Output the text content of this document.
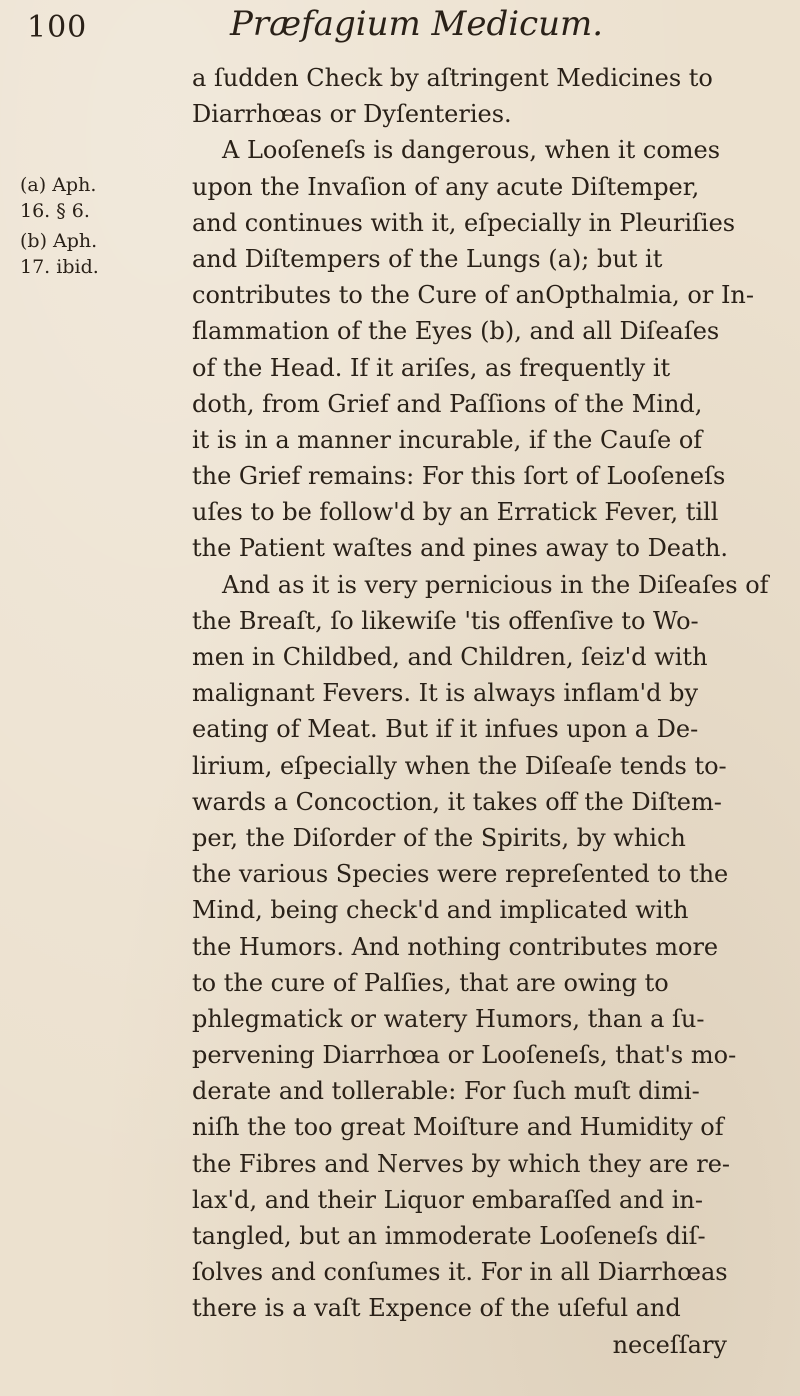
100	Præfagium Medicum.
(a) Aph.
16. § 6.
(b) Aph.
17. ibid.
a ſudden Check by aſtringent Medicines to
Diarrhœas or Dyſenteries.
A Looſeneſs is dangerous, when it comes
upon the Invaſion of any acute Diſtemper,
and continues with it, eſpecially in Pleuriſies
and Diſtempers of the Lungs (a); but it
contributes to the Cure of anOpthalmia, or In-
flammation of the Eyes (b), and all Diſeaſes
of the Head. If it ariſes, as frequently it
doth, from Grief and Paſſions of the Mind,
it is in a manner incurable, if the Cauſe of
the Grief remains: For this ſort of Looſeneſs
uſes to be follow'd by an Erratick Fever, till
the Patient waſtes and pines away to Death.
And as it is very pernicious in the Diſeaſes of
the Breaſt, ſo likewiſe 'tis offenſive to Wo-
men in Childbed, and Children, ſeiz'd with
malignant Fevers. It is always inflam'd by
eating of Meat. But if it infues upon a De-
lirium, eſpecially when the Diſeaſe tends to-
wards a Concoction, it takes off the Diſtem-
per, the Diſorder of the Spirits, by which
the various Species were repreſented to the
Mind, being check'd and implicated with
the Humors. And nothing contributes more
to the cure of Palſies, that are owing to
phlegmatick or watery Humors, than a ſu-
pervening Diarrhœa or Looſeneſs, that's mo-
derate and tollerable: For ſuch muſt dimi-
niſh the too great Moiſture and Humidity of
the Fibres and Nerves by which they are re-
lax'd, and their Liquor embaraſſed and in-
tangled, but an immoderate Looſeneſs diſ-
ſolves and conſumes it. For in all Diarrhœas
there is a vaſt Expence of the uſeful and
neceſſary
